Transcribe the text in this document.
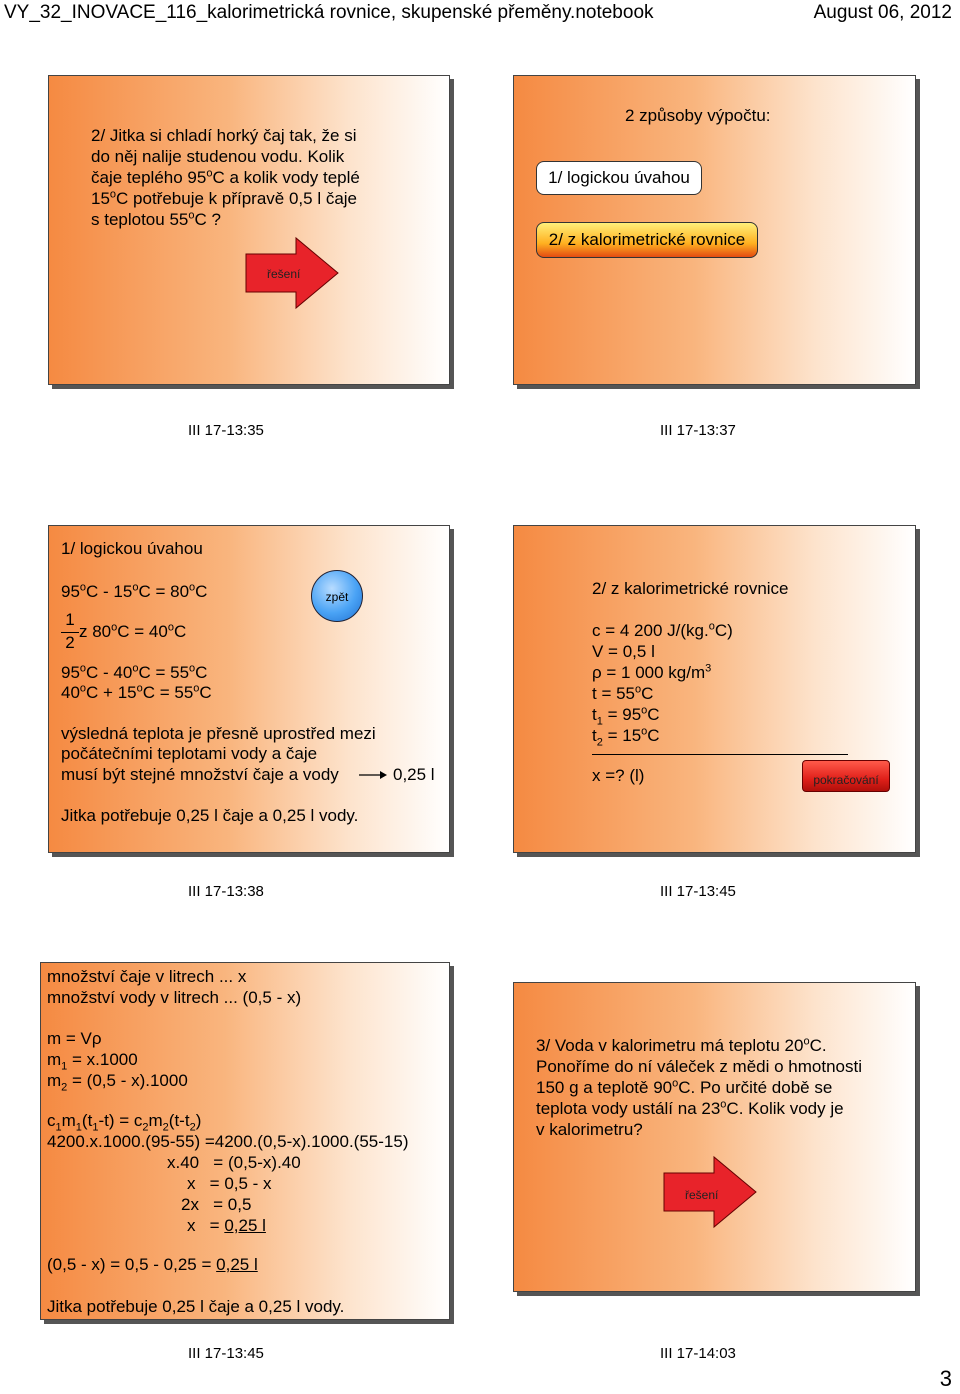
VY_32_INOVACE_116_kalorimetrická rovnice, skupenské přeměny.notebook	August 06, 2012
2/ Jitka si chladí horký čaj tak, že si
do něj nalije studenou vodu. Kolik
čaje teplého 95$^o$C a kolik vody teplé
15$^o$C potřebuje k přípravě 0,5 l čaje
s teplotou 55$^o$C ?
řešení
III 17-13:35
2 způsoby výpočtu:
1/ logickou úvahou
2/ z kalorimetrické rovnice
III 17-13:37
1/ logickou úvahou
$95^oC - 15^oC = 80^oC$
1
2
z $80^oC = 40^oC$
$95^oC - 40^oC = 55^oC$
$40^oC + 15^oC = 55^oC$
zpět
výsledná teplota je přesně uprostřed mezi
počátečními teplotami vody a čaje
musí být stejné množství čaje a vody	0,25 l
Jitka potřebuje 0,25 l čaje a 0,25 l vody.
III 17-13:38
2/ z kalorimetrické rovnice
c = 4 200 J/(kg.$^o$C)
V = 0,5 l
ρ = 1 000 $kg/m^3$
$t = 55^oC$
$t_1 = 95^oC$
$t_2 = 15^oC$
x =? (l)	pokračování
III 17-13:45
množství čaje v litrech ... x
množství vody v litrech ... (0,5 - x)
m = Vρ
$m_1 = x.1000$
$m_2 = (0,5 - x).1000$
$c_1m_1(t_1-t) = c_2m_2(t-t_2)$
4200.x.1000.(95-55) =4200.(0,5-x).1000.(55-15)
x.40   = (0,5-x).40
x   = 0,5 - x
2x   = 0,5
x   = 0,25 l
(0,5 - x) = 0,5 - 0,25 = 0,25 l
Jitka potřebuje 0,25 l čaje a 0,25 l vody.
III 17-13:45
3/ Voda v kalorimetru má teplotu 20$^o$C.
Ponoříme do ní váleček z mědi o hmotnosti
150 g a teplotě 90$^o$C. Po určité době se
teplota vody ustálí na 23$^o$C. Kolik vody je
v kalorimetru?
řešení
III 17-14:03
3
